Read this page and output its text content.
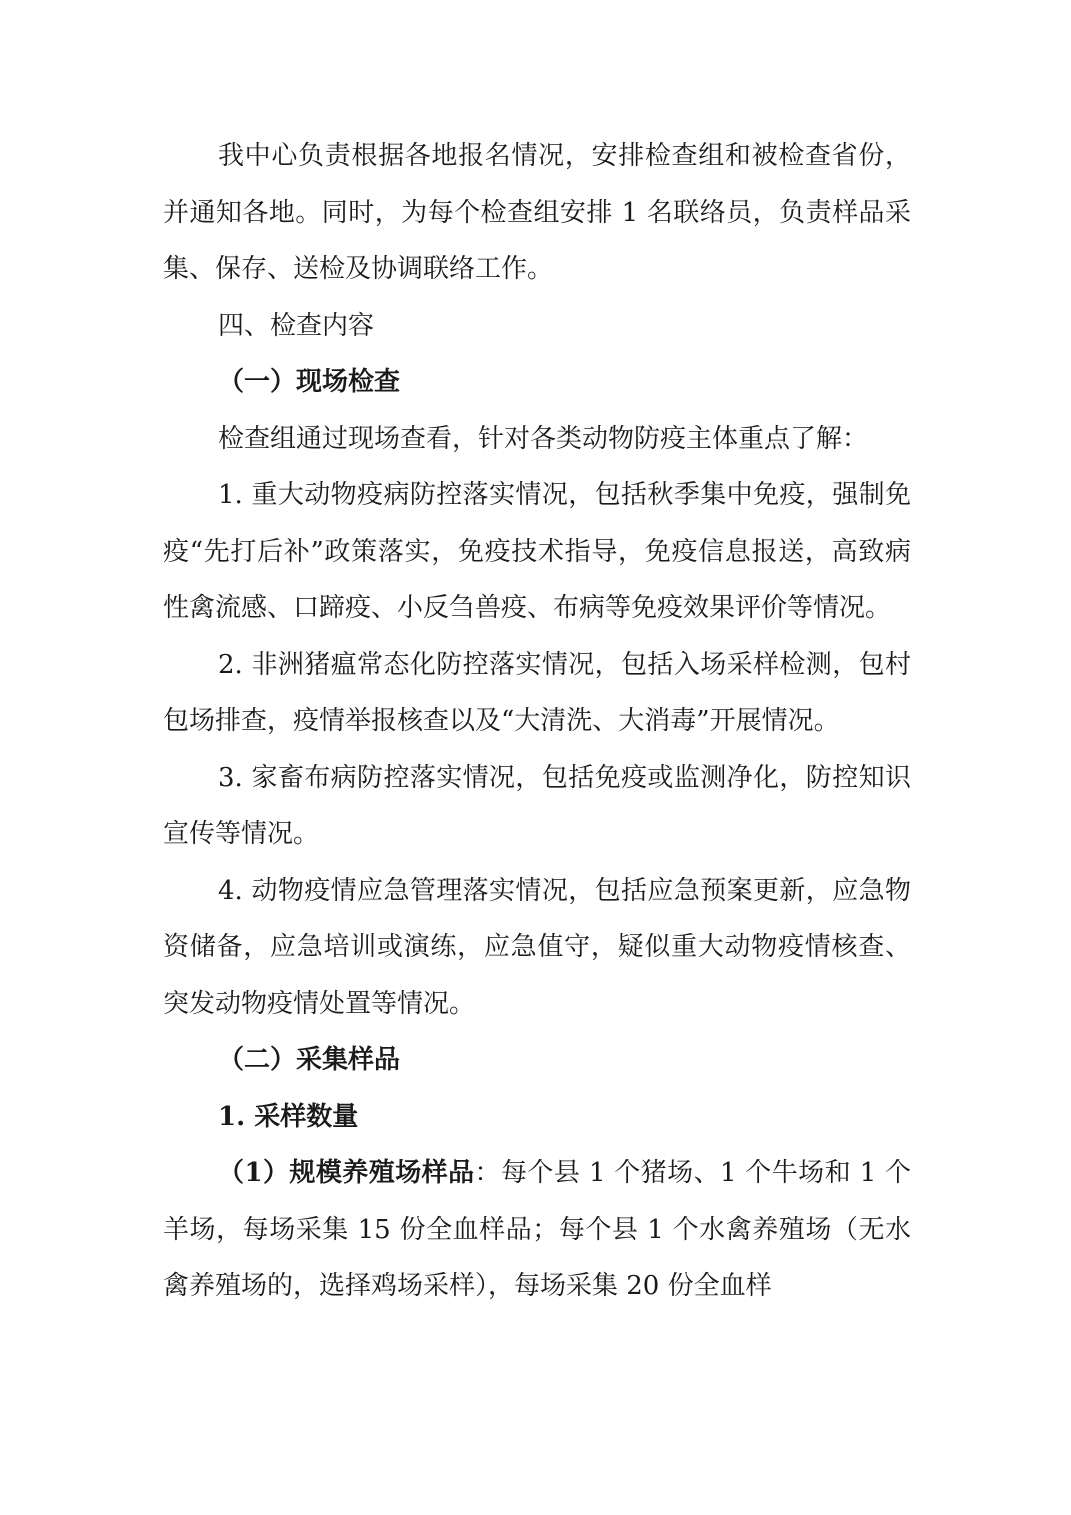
我中心负责根据各地报名情况，安排检查组和被检查省份，并通知各地。同时，为每个检查组安排 1 名联络员，负责样品采集、保存、送检及协调联络工作。

四、检查内容

（一）现场检查

检查组通过现场查看，针对各类动物防疫主体重点了解：

1. 重大动物疫病防控落实情况，包括秋季集中免疫，强制免疫“先打后补”政策落实，免疫技术指导，免疫信息报送，高致病性禽流感、口蹄疫、小反刍兽疫、布病等免疫效果评价等情况。

2. 非洲猪瘟常态化防控落实情况，包括入场采样检测，包村包场排查，疫情举报核查以及“大清洗、大消毒”开展情况。

3. 家畜布病防控落实情况，包括免疫或监测净化，防控知识宣传等情况。

4. 动物疫情应急管理落实情况，包括应急预案更新，应急物资储备，应急培训或演练，应急值守，疑似重大动物疫情核查、突发动物疫情处置等情况。

（二）采集样品

1. 采样数量

（1）规模养殖场样品：每个县 1 个猪场、1 个牛场和 1 个羊场，每场采集 15 份全血样品；每个县 1 个水禽养殖场（无水禽养殖场的，选择鸡场采样），每场采集 20 份全血样
